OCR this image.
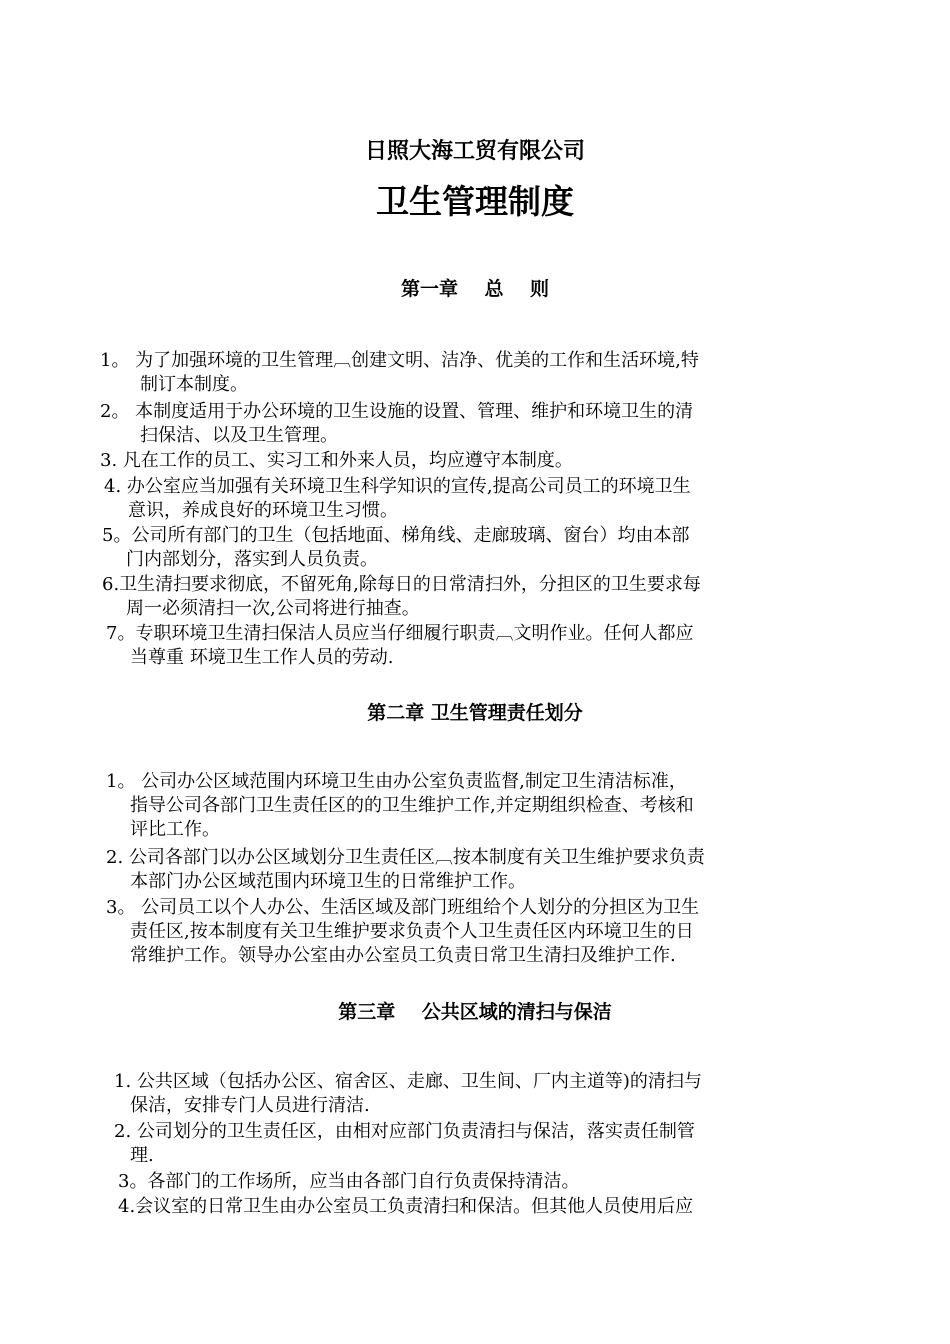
日照大海工贸有限公司
卫生管理制度
第一章    总    则
1。 为了加强环境的卫生管理︹创建文明、洁净、优美的工作和生活环境,特
制订本制度。
2。 本制度适用于办公环境的卫生设施的设置、管理、维护和环境卫生的清
扫保洁、以及卫生管理。
3. 凡在工作的员工、实习工和外来人员，均应遵守本制度。
4. 办公室应当加强有关环境卫生科学知识的宣传,提高公司员工的环境卫生
意识，养成良好的环境卫生习惯。
5。公司所有部门的卫生（包括地面、梯角线、走廊玻璃、窗台）均由本部
门内部划分，落实到人员负责。
6.卫生清扫要求彻底，不留死角,除每日的日常清扫外，分担区的卫生要求每
周一必须清扫一次,公司将进行抽查。
7。专职环境卫生清扫保洁人员应当仔细履行职责︹文明作业。任何人都应
当尊重 环境卫生工作人员的劳动.
第二章 卫生管理责任划分
1。 公司办公区域范围内环境卫生由办公室负责监督,制定卫生清洁标准，
指导公司各部门卫生责任区的的卫生维护工作,并定期组织检查、考核和
评比工作。
2. 公司各部门以办公区域划分卫生责任区︹按本制度有关卫生维护要求负责
本部门办公区域范围内环境卫生的日常维护工作。
3。 公司员工以个人办公、生活区域及部门班组给个人划分的分担区为卫生
责任区,按本制度有关卫生维护要求负责个人卫生责任区内环境卫生的日
常维护工作。领导办公室由办公室员工负责日常卫生清扫及维护工作.
第三章    公共区域的清扫与保洁
1. 公共区域（包括办公区、宿舍区、走廊、卫生间、厂内主道等)的清扫与
保洁，安排专门人员进行清洁.
2. 公司划分的卫生责任区，由相对应部门负责清扫与保洁，落实责任制管
理.
3。各部门的工作场所，应当由各部门自行负责保持清洁。
4.会议室的日常卫生由办公室员工负责清扫和保洁。但其他人员使用后应
